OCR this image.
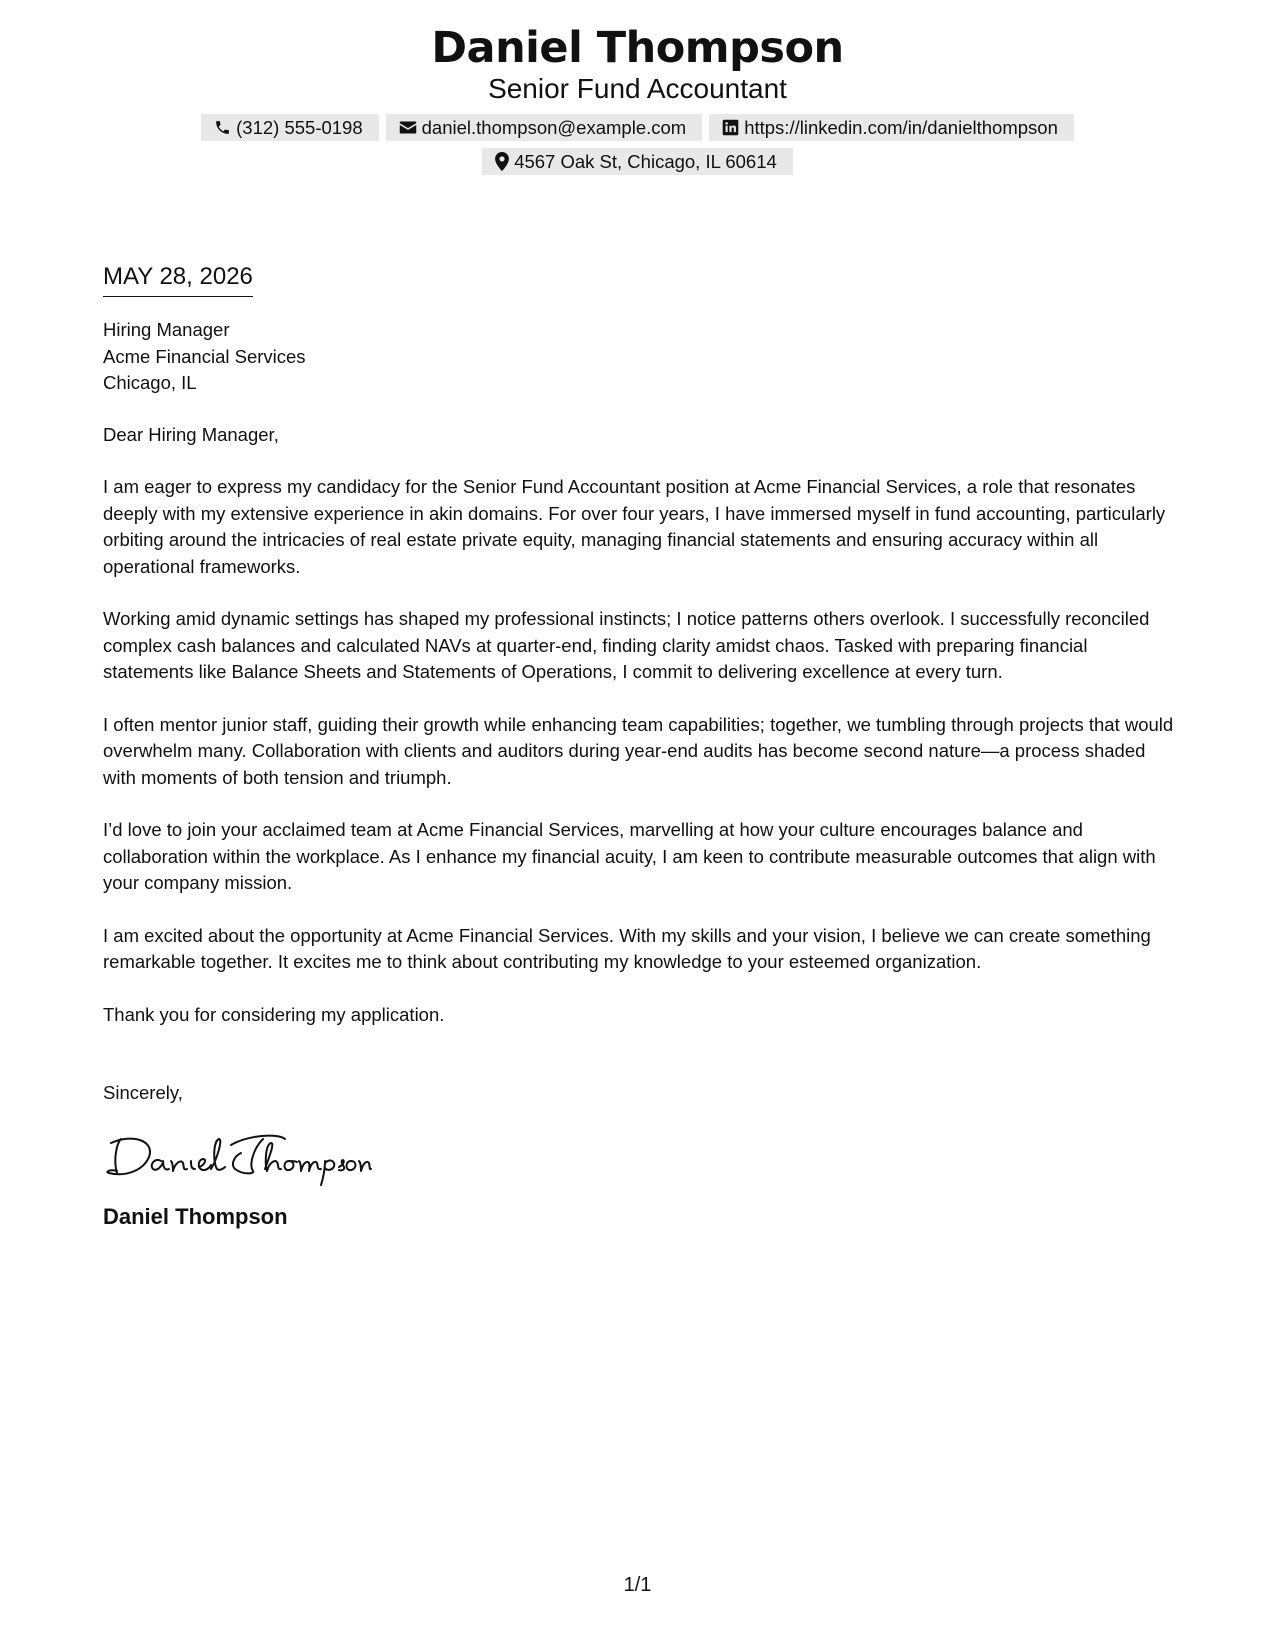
Daniel Thompson
Senior Fund Accountant
(312) 555-0198	daniel.thompson@example.com	https://linkedin.com/in/danielthompson
4567 Oak St, Chicago, IL 60614
MAY 28, 2026
Hiring Manager
Acme Financial Services
Chicago, IL
Dear Hiring Manager,

I am eager to express my candidacy for the Senior Fund Accountant position at Acme Financial Services, a role that resonates deeply with my extensive experience in akin domains. For over four years, I have immersed myself in fund accounting, particularly orbiting around the intricacies of real estate private equity, managing financial statements and ensuring accuracy within all operational frameworks.

Working amid dynamic settings has shaped my professional instincts; I notice patterns others overlook. I successfully reconciled complex cash balances and calculated NAVs at quarter-end, finding clarity amidst chaos. Tasked with preparing financial statements like Balance Sheets and Statements of Operations, I commit to delivering excellence at every turn.

I often mentor junior staff, guiding their growth while enhancing team capabilities; together, we tumbling through projects that would overwhelm many. Collaboration with clients and auditors during year-end audits has become second nature—a process shaded with moments of both tension and triumph.

I’d love to join your acclaimed team at Acme Financial Services, marvelling at how your culture encourages balance and collaboration within the workplace. As I enhance my financial acuity, I am keen to contribute measurable outcomes that align with your company mission.

I am excited about the opportunity at Acme Financial Services. With my skills and your vision, I believe we can create something remarkable together. It excites me to think about contributing my knowledge to your esteemed organization.

Thank you for considering my application.

Sincerely,
Daniel Thompson
1/1
